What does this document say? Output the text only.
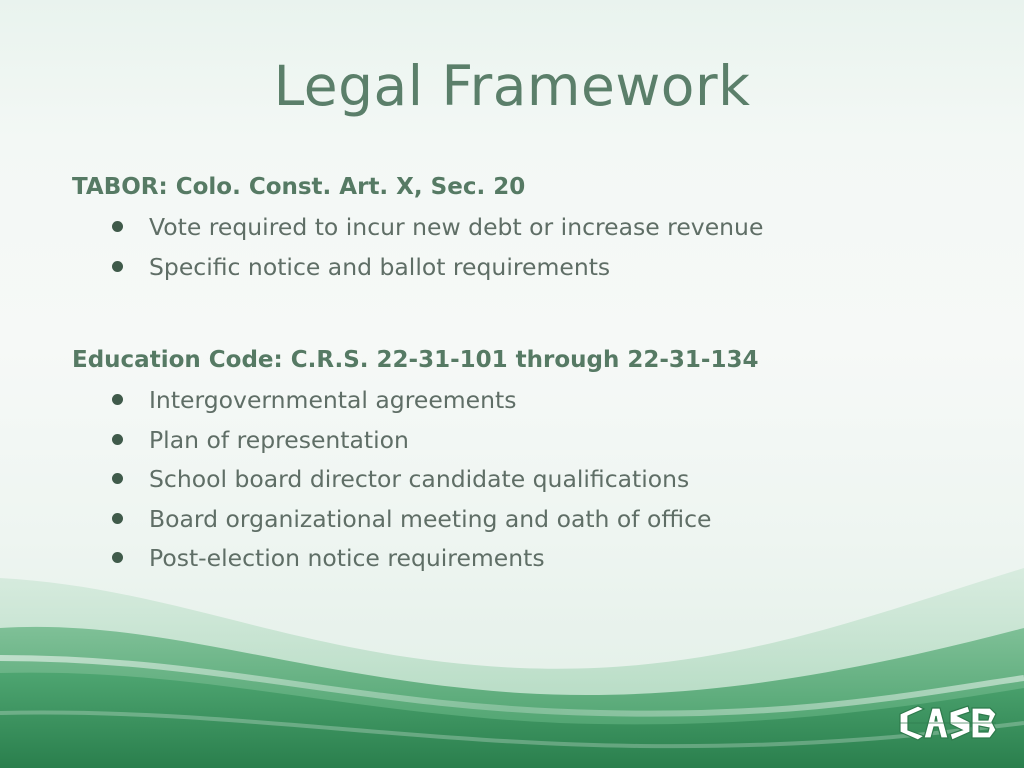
Legal Framework
TABOR: Colo. Const. Art. X, Sec. 20
Vote required to incur new debt or increase revenue
Specific notice and ballot requirements
Education Code: C.R.S. 22-31-101 through 22-31-134
Intergovernmental agreements
Plan of representation
School board director candidate qualifications
Board organizational meeting and oath of office
Post-election notice requirements
